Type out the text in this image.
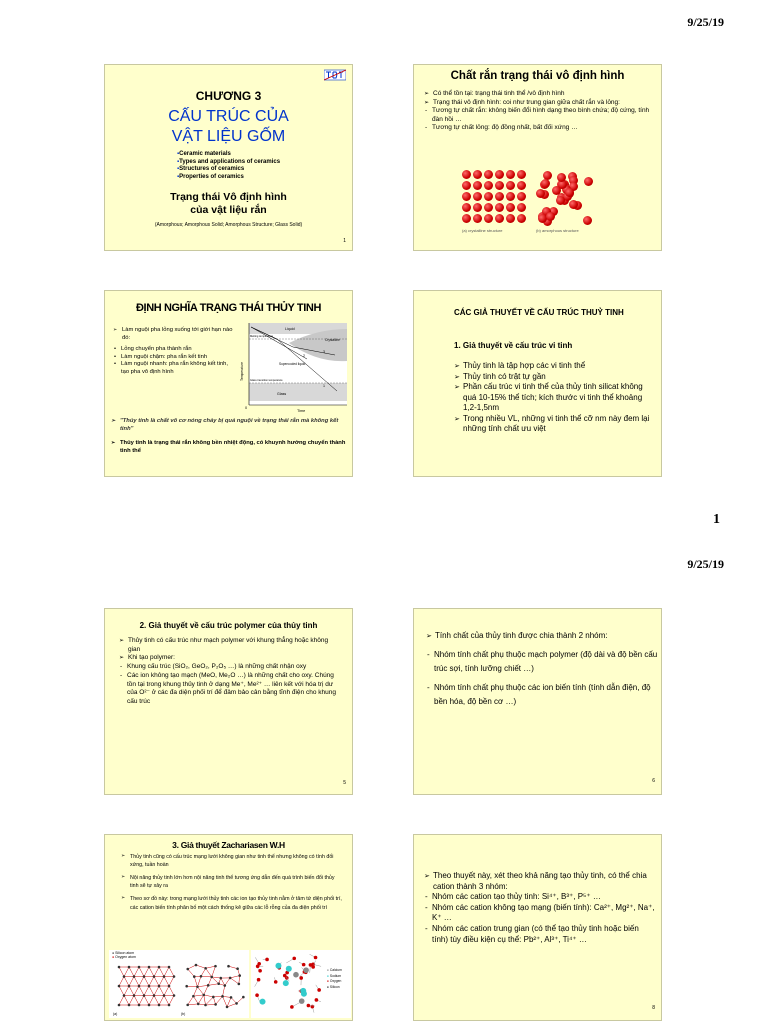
9/25/19
CHƯƠNG 3
CẤU TRÚC CỦA
VẬT LIỆU GỐM
▪Ceramic materials
▪Types and applications of ceramics
▪Structures of ceramics
▪Properties of ceramics
Trạng thái Vô định hình
của vật liệu rắn
(Amorphous; Amorphous Solid; Amorphous Structure; Glass Solid)
1
Chất rắn trạng thái vô định hình
➢ Có thể tồn tại: trạng thái tinh thể /vô định hình
➢ Trạng thái vô định hình: coi như trung gian giữa chất rắn và lỏng:
- Tương tự chất rắn: không biến đổi hình dạng theo bình chứa; độ cứng, tính đàn hồi …
- Tương tự chất lỏng: độ đồng nhất, bất đối xứng …
(a) crystalline structure	(b) amorphous structure
ĐỊNH NGHĨA TRẠNG THÁI THỦY TINH
➢ Làm nguội pha lỏng xuống tới giới hạn nào đó:
• Lỏng chuyển pha thành rắn
• Làm nguội chậm: pha rắn kết tinh
• Làm nguội nhanh: pha rắn không kết tinh, tạo pha vô định hình
Liquid
Crystalline
Supercooled liquid
Glass
Glass transition temperature
Melting temperature
Time
0
Temperature
1
2
3
➢ "Thủy tinh là chất vô cơ nóng chảy bị quá nguội về trạng thái rắn mà không kết tinh"
➢ Thủy tinh là trạng thái rắn không bền nhiệt động, có khuynh hướng chuyển thành tinh thể
CÁC GIẢ THUYẾT VỀ CẤU TRÚC THUỶ TINH
1. Giả thuyết về cấu trúc vi tinh
➢ Thủy tinh là tập hợp các vi tinh thể
➢ Thủy tinh có trật tự gần
➢ Phần cấu trúc vi tinh thể của thủy tinh silicat không quá 10-15% thể tích; kích thước vi tinh thể khoảng 1,2-1,5nm
➢ Trong nhiều VL, những vi tinh thể cỡ nm này đem lại những tính chất ưu việt
1
9/25/19
2. Giả thuyết về cấu trúc polymer của thủy tinh
➢ Thủy tinh có cấu trúc như mạch polymer với khung thẳng hoặc không gian
➢ Khi tạo polymer:
- Khung cấu trúc (SiO₂, GeO₂, P₂O₅ …) là những chất nhận oxy
- Các ion không tạo mạch (MeO, Me₂O …) là những chất cho oxy. Chúng tồn tại trong khung thủy tinh ở dạng Me⁺, Me²⁺ … liên kết với hóa trị dư của O²⁻ ở các đa diện phối trí để đảm bảo cân bằng tĩnh điện cho khung cấu trúc
5
➢ Tính chất của thủy tinh được chia thành 2 nhóm:
- Nhóm tính chất phụ thuộc mạch polymer (độ dài và độ bền cấu trúc sợi, tính lưỡng chiết …)
- Nhóm tính chất phụ thuộc các ion biến tính (tính dẫn điện, độ bền hóa, độ bền cơ …)
6
3. Giả thuyết Zachariasen W.H
➢ Thủy tinh cũng có cấu trúc mạng lưới không gian như tinh thể nhưng không có tính đối xứng, tuần hoàn
➢ Nội năng thủy tinh lớn hơn nội năng tinh thể tương ứng dẫn đến quá trình biến đổi thủy tinh sẽ tự xảy ra
➢ Theo sơ đồ này: trong mạng lưới thủy tinh các ion tạo thủy tinh nằm ở tâm tứ diện phối trí, các cation biến tính phân bố một cách thống kê giữa các lỗ rỗng của đa diện phối trí
● Silicon atom
● Oxygen atom
(a)	(b)
● Calcium
● Sodium
● Oxygen
● Silicon
➢ Theo thuyết này, xét theo khả năng tạo thủy tinh, có thể chia cation thành 3 nhóm:
- Nhóm các cation tạo thủy tinh: Si⁴⁺, B³⁺, P⁵⁺ …
- Nhóm các cation không tạo mạng (biến tính): Ca²⁺, Mg²⁺, Na⁺, K⁺ …
- Nhóm các cation trung gian (có thể tạo thủy tinh hoặc biến tính) tùy điều kiện cụ thể: Pb²⁺, Al³⁺, Ti⁴⁺ …
8
